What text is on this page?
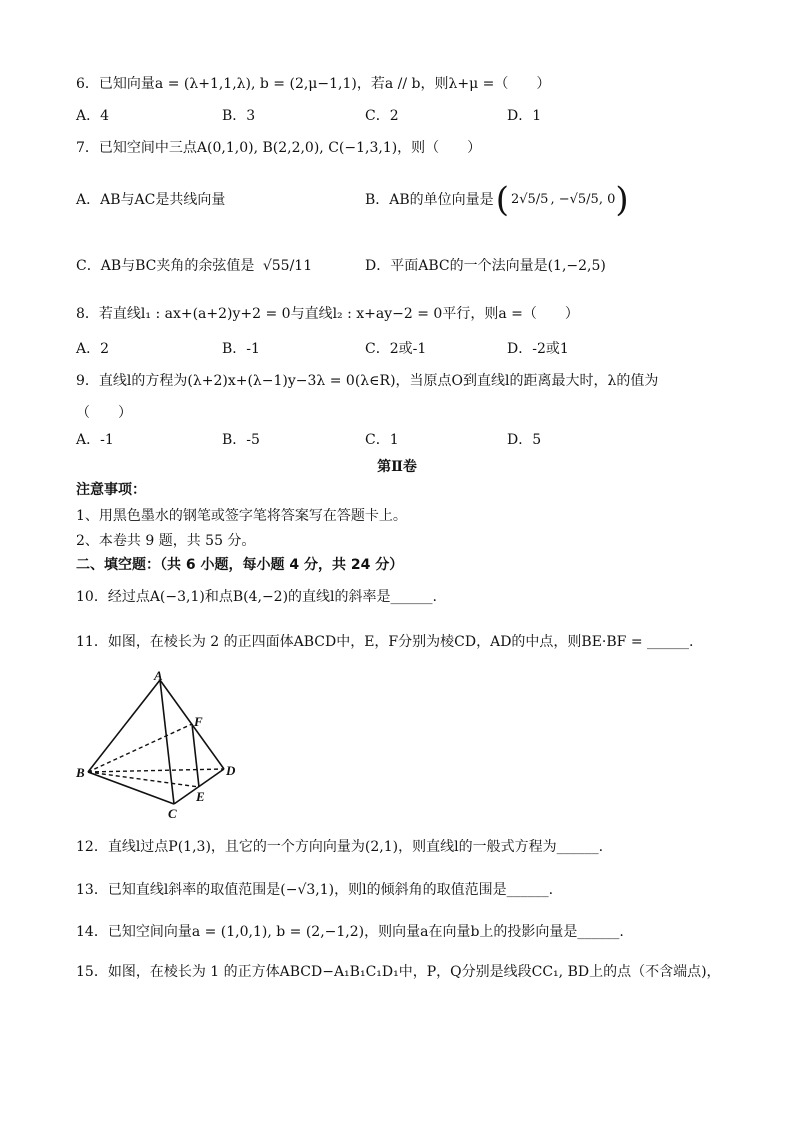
6．已知向量a = (λ+1,1,λ), b = (2,μ−1,1)，若a // b，则λ+μ =（　　）
A．4	B．3	C．2	D．1
7．已知空间中三点A(0,1,0), B(2,2,0), C(−1,3,1)，则（　　）
A．AB与AC是共线向量	B．AB的单位向量是 ( 2√5/5 , −√5/5, 0 )
C．AB与BC夹角的余弦值是 √55/11	D．平面ABC的一个法向量是(1,−2,5)
8．若直线l₁ : ax+(a+2)y+2 = 0与直线l₂ : x+ay−2 = 0平行，则a =（　　）
A．2	B．-1	C．2或-1	D．-2或1
9．直线l的方程为(λ+2)x+(λ−1)y−3λ = 0(λ∈R)，当原点O到直线l的距离最大时，λ的值为
（　　）
A．-1	B．-5	C．1	D．5
第Ⅱ卷
注意事项：
1、用黑色墨水的钢笔或签字笔将答案写在答题卡上。
2、本卷共 9 题，共 55 分。
二、填空题：（共 6 小题，每小题 4 分，共 24 分）
10．经过点A(−3,1)和点B(4,−2)的直线l的斜率是______.
11．如图，在棱长为 2 的正四面体ABCD中，E，F分别为棱CD，AD的中点，则BE·BF = ______.
A
B
C
D
E
F
12．直线l过点P(1,3)，且它的一个方向向量为(2,1)，则直线l的一般式方程为______.
13．已知直线l斜率的取值范围是(−√3,1)，则l的倾斜角的取值范围是______.
14．已知空间向量a = (1,0,1), b = (2,−1,2)，则向量a在向量b上的投影向量是______.
15．如图，在棱长为 1 的正方体ABCD−A₁B₁C₁D₁中，P，Q分别是线段CC₁, BD上的点（不含端点)，
